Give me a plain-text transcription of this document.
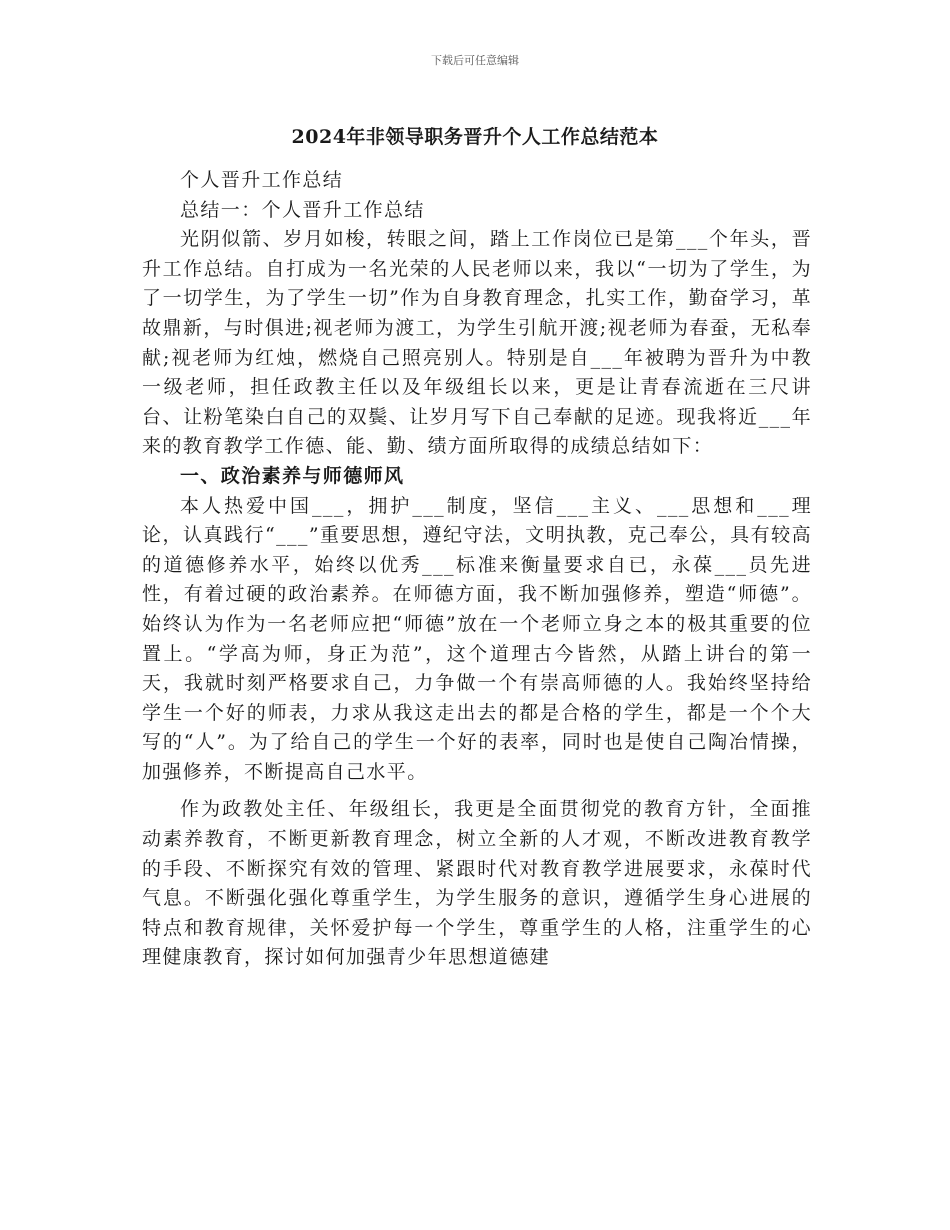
下载后可任意编辑
2024年非领导职务晋升个人工作总结范本

个人晋升工作总结

总结一：个人晋升工作总结

光阴似箭、岁月如梭，转眼之间，踏上工作岗位已是第___个年头，晋升工作总结。自打成为一名光荣的人民老师以来，我以“一切为了学生，为了一切学生，为了学生一切”作为自身教育理念，扎实工作，勤奋学习，革故鼎新，与时俱进;视老师为渡工，为学生引航开渡;视老师为春蚕，无私奉献;视老师为红烛，燃烧自己照亮别人。特别是自___年被聘为晋升为中教一级老师，担任政教主任以及年级组长以来，更是让青春流逝在三尺讲台、让粉笔染白自己的双鬓、让岁月写下自己奉献的足迹。现我将近___年来的教育教学工作德、能、勤、绩方面所取得的成绩总结如下：

一、政治素养与师德师风

本人热爱中国___，拥护___制度，坚信___主义、___思想和___理论，认真践行“___”重要思想，遵纪守法，文明执教，克己奉公，具有较高的道德修养水平，始终以优秀___标准来衡量要求自已，永葆___员先进性，有着过硬的政治素养。在师德方面，我不断加强修养，塑造“师德”。始终认为作为一名老师应把“师德”放在一个老师立身之本的极其重要的位置上。“学高为师，身正为范”，这个道理古今皆然，从踏上讲台的第一天，我就时刻严格要求自己，力争做一个有崇高师德的人。我始终坚持给学生一个好的师表，力求从我这走出去的都是合格的学生，都是一个个大写的“人”。为了给自己的学生一个好的表率，同时也是使自己陶冶情操，加强修养，不断提高自己水平。

作为政教处主任、年级组长，我更是全面贯彻党的教育方针，全面推动素养教育，不断更新教育理念，树立全新的人才观，不断改进教育教学的手段、不断探究有效的管理、紧跟时代对教育教学进展要求，永葆时代气息。不断强化强化尊重学生，为学生服务的意识，遵循学生身心进展的特点和教育规律，关怀爱护每一个学生，尊重学生的人格，注重学生的心理健康教育，探讨如何加强青少年思想道德建
